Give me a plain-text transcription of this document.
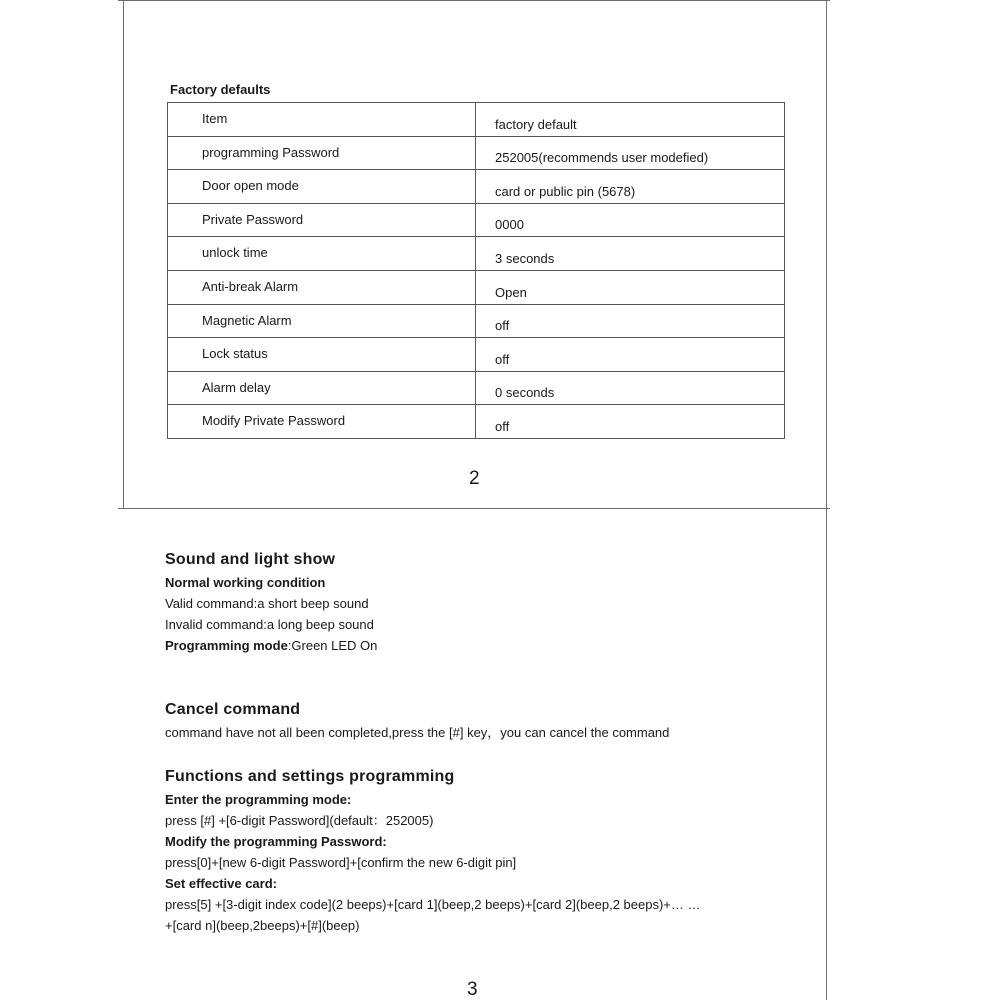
Factory defaults

Item	factory default
programming Password	252005(recommends user modefied)
Door open mode	card or public pin (5678)
Private Password	0000
unlock time	3 seconds
Anti-break Alarm	Open
Magnetic Alarm	off
Lock status	off
Alarm delay	0 seconds
Modify Private Password	off

2

Sound and light show

Normal working condition

Valid command:a short beep sound

Invalid command:a long beep sound

Programming mode:Green LED On

Cancel command

command have not all been completed,press the [#] key，you can cancel the command

Functions and settings programming

Enter the programming mode:

press [#] +[6-digit Password](default：252005)

Modify the programming Password:

press[0]+[new 6-digit Password]+[confirm the new 6-digit pin]

Set effective card:

press[5] +[3-digit index code](2 beeps)+[card 1](beep,2 beeps)+[card 2](beep,2 beeps)+… …

+[card n](beep,2beeps)+[#](beep)

3
